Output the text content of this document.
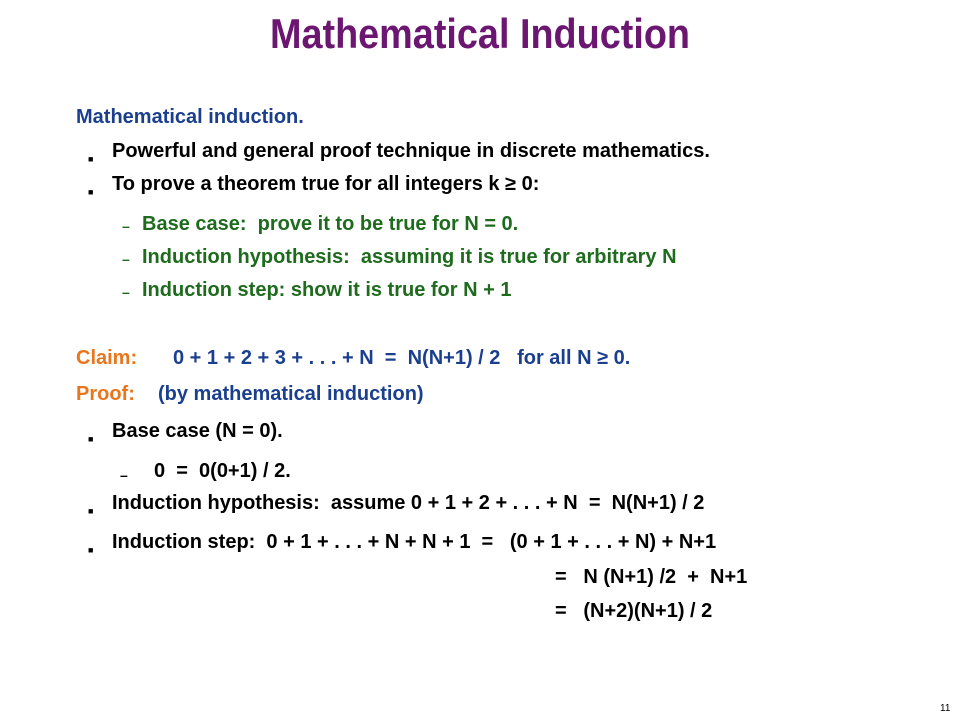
Mathematical Induction
Mathematical induction.
■ Powerful and general proof technique in discrete mathematics.
■ To prove a theorem true for all integers k ≥ 0:
– Base case:  prove it to be true for N = 0.
– Induction hypothesis:  assuming it is true for arbitrary N
– Induction step: show it is true for N + 1
Claim: 0 + 1 + 2 + 3 + . . . + N  =  N(N+1) / 2   for all N ≥ 0.
Proof: (by mathematical induction)
■ Base case (N = 0).
– 0  =  0(0+1) / 2.
■ Induction hypothesis:  assume 0 + 1 + 2 + . . . + N  =  N(N+1) / 2
■ Induction step:  0 + 1 + . . . + N + N + 1  =   (0 + 1 + . . . + N) + N+1
=   N (N+1) /2  +  N+1
=   (N+2)(N+1) / 2
11
